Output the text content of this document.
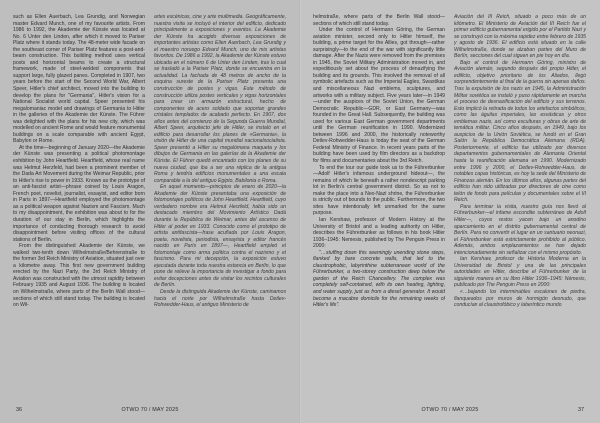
such as Ellen Auerbach, Lea Grundig, and Norwegian master Edvard Munch, one of my favourite artists. From 1986 to 1992, the Akademie der Künste was located at No. 6 Unter den Linden, after which it moved to Pariser Platz where it stands today. The 48-meter wide facade on the southeast corner of Pariser Platz features a post-and-beam construction. This building method uses vertical posts and horizontal beams to create a structural framework, made of steel-welded components that support large, fully glazed panes. Completed in 1907, two years before the start of the Second World War, Albert Speer, Hitler's chief architect, moved into the building to develop the plans for "Germania", Hitler's vision for a National Socialist world capital. Speer presented his megalomaniac model and drawings of Germania to Hitler in the galleries of the Akademie der Künste. The Führer was delighted with the plans for his new city, which was modelled on ancient Rome and would feature monumental buildings on a scale comparable with ancient Egypt, Babylon or Rome.

At the time—beginning of January 2020—the Akademie der Künste was presenting a political photomontage exhibition by John Heartfield. Heartfield, whose real name was Helmut Herzfeld, had been a prominent member of the Dada Art Movement during the Weimar Republic, prior to Hitler's rise to power in 1933. Known as the prototype of an anti-fascist artist—phrase coined by Louis Aragon, French poet, novelist, journalist, essayist, and editor born in Paris in 1897—Heartfield employed the photomontage as a political weapon against Nazism and Fascism. Much to my disappointment, the exhibition was about to for the duration of our stay in Berlin, which highlights the importance of conducting thorough research to avoid disappointment before visiting offices of the cultural stations of Berlin.

From the distinguished Akademie der Künste, we walked two-tenth down Wilhelmstraße/Behrenstraße to the former 3rd Reich Ministry of Aviation, situated just over a kilometre away. This first new government building erected by the Nazi Party, the 3rd Reich Ministry of Aviation was constructed with the utmost rapidity between February 1935 and August 1936. The building is located on Wilhelmstraße, where parts of the Berlin Wall stood—sections of which still stand today. The building is located on Wil-

artes escénicas, cine y arte multimedia. Geográficamente, nuestra visita se incluyó el interior del edificio, dedicado principalmente a exposiciones y eventos. La Akademie der Künste ha acogido diversas exposiciones de importantes artistas como Ellen Auerbach, Lea Grundig y el maestro noruego Edvard Munch, uno de mis artistas favoritos. De 1986 a 1992, la Akademie der Künste estuvo ubicada en el número 6 de Unter den Linden, tras lo cual se trasladó a la Pariser Platz, donde se encuentra en la actualidad. La fachada de 48 metros de ancho de la esquina sureste de la Pariser Platz presenta una construcción de postes y vigas. Este método de construcción utiliza postes verticales y vigas horizontales para crear un armazón estructural, hecho de componentes de acero soldado que soportan grandes cristales templados de acabado perfecto. En 1907, dos años antes del comienzo de la Segunda Guerra Mundial, Albert Speer, arquitecto jefe de Hitler, se instaló en el edificio para desarrollar los planes de «Germania», la visión de Hitler de una capital mundial nacionalsocialista. Speer presentó a Hitler su megalómana maqueta y los dibujos de Germania en las galerías de la Akademie der Künste. El Führer quedó encantado con los planes de su nueva ciudad, que iba a ser una réplica de la antigua Roma y tendría edificios monumentales a una escala comparable a la del antiguo Egipto, Babilonia o Roma.

En aquel momento—principios de enero de 2020—la Akademie der Künste presentaba una exposición de fotomontajes políticos de John Heartfield. Heartfield, cuyo verdadero nombre era Helmut Herzfeld, había sido un destacado miembro del Movimiento Artístico Dadá durante la República de Weimar, antes del ascenso de Hitler al poder en 1933. Conocido como el prototipo de artista antifascista—frase acuñada por Louis Aragon, poeta, novelista, periodista, ensayista y editor francés nacido en París en 1897—, Heartfield empleó el fotomontaje como arma política contra el nazismo y el fascismo. Para mi decepción, la exposición estuvo ejecutada durante toda nuestra estancia en Berlín, lo que pone de relieve la importancia de investigar a fondo para evitar decepciones antes de visitar los recintos culturales de Berlín.

Desde la distinguida Akademie der Künste, caminamos hacia el norte por Wilhelmstraße hasta Detlev-Rohwedder-Haus, el antiguo Ministerio de

36	OTWO 70 / MAY 2025

helmstraße, where parts of the Berlin Wall stood—sections of which still stand today.

Under the control of Hermann Göring, the German aviation minister, second only to Hitler himself, the building, a prime target for the Allies, got through—rather surprisingly—to the end of the war with significantly little damage. After the Nazis were removed from the premises in 1945, the Soviet Military Administration moved in, and expeditiously set about the process of denazifying the building and its grounds. This involved the removal of all symbolic artefacts such as the Imperial Eagles, Swastikas and miscellaneous Nazi emblems, sculptures, and artworks with a military subject. Five years later—in 1949—under the auspices of the Soviet Union, the German Democratic Republic—GDR, or East Germany—was founded in the Great Hall. Subsequently, the building was used for various East German government departments until the German reunification in 1990. Modernized between 1996 and 2000, the historically noteworthy Detlev-Rohwedder-Haus is today the seat of the German Federal Ministry of Finance. In recent years parts of the building have been used by film directors as a backdrop for films and documentaries about the 3rd Reich.

To end the tour our guide took us to the Führerbunker —Adolf Hitler's infamous underground hideout—, the remains of which lie beneath a rather nondescript parking lot in Berlin's central government district. So as not to make the place into a Neo-Nazi shrine, the Führerbunker is strictly out of bounds to the public. Furthermore, the two sites have intentionally left unmarked for the same purpose.

Ian Kershaw, professor of Modern History at the University of Bristol and a leading authority on Hitler, describes the Führerbunker as follows in his book Hitler 1936–1945: Nemesis, published by The Penguin Press in 2000:

"…stuffing down this seemingly unending stone steps, flanked by bare concrete walls, that led to the claustrophobic, labyrinthine subterranean world of the Führerbunker, a two-storey construction deep below the garden of the Reich Chancellery. The complex was completely self-contained, with its own heating, lighting, and water supply, just as from a diesel generator. It would become a macabre domicile for the remaining weeks of Hitler's life".

Aviación del III Reich, situado a poco más de un kilómetro. El Ministerio de Aviación del III Reich fue el primer edificio gubernamental erigido por el Partido Nazi y se construyó con la máxima rapidez entre febrero de 1935 y agosto de 1936. El edificio está situado en la calle Wilhelmstraße, donde se alzaban partes del Muro de Berlín, secciones del cual siguen en pie hoy en día.

Bajo el control de Hermann Göring, ministro de Aviación alemán, segundo después del propio Hitler, el edificio, objetivo prioritario de los Aliados, llegó sorprendentemente al final de la guerra sin apenas daños. Tras la expulsión de los nazis en 1945, la Administración Militar soviética se instaló y puso rápidamente en marcha el proceso de desnazificación del edificio y sus terrenos. Esto implicó la retirada de todos los artefactos simbólicos, como las águilas imperiales, las esvásticas y otros emblemas nazis, así como esculturas y obras de arte de temática militar. Cinco años después, en 1949, bajo los auspicios de la Unión Soviética, se fundó en el Gran Salón la República Democrática Alemana (RDA). Posteriormente, el edificio fue utilizado por diversos departamentos gubernamentales de Alemania Oriental hasta la reunificación alemana en 1990. Modernizado entre 1996 y 2000, el Detlev-Rohwedder-Haus, de notables capas históricas, es hoy la sede del Ministerio de Finanzas alemán. En los últimos años, algunas partes del edificio han sido utilizadas por directores de cine como telón de fondo para películas y documentales sobre el III Reich.

Para terminar la visita, nuestro guía nos llevó al Führerbunker—el infame escondite subterráneo de Adolf Hitler—, cuyos restos yacen bajo un anodino aparcamiento en el distrito gubernamental central de Berlín. Para no convertir el lugar en un santuario neonazi, el Führerbunker está estrictamente prohibido al público. Además, ambos emplazamientos se han dejado intencionadamente sin señalizar con el mismo propósito.

Ian Kershaw, profesor de Historia Moderna en la Universidad de Bristol y una de las principales autoridades en Hitler, describe el Führerbunker de la siguiente manera en su libro Hitler 1936–1945: Némesis, publicado por The Penguin Press en 2000:

«…bajando los interminables escalones de piedra, flanqueados por muros de hormigón desnudo, que conducían al claustrofóbico y laberíntico mundo

OTWO 70 / MAY 2025	37
